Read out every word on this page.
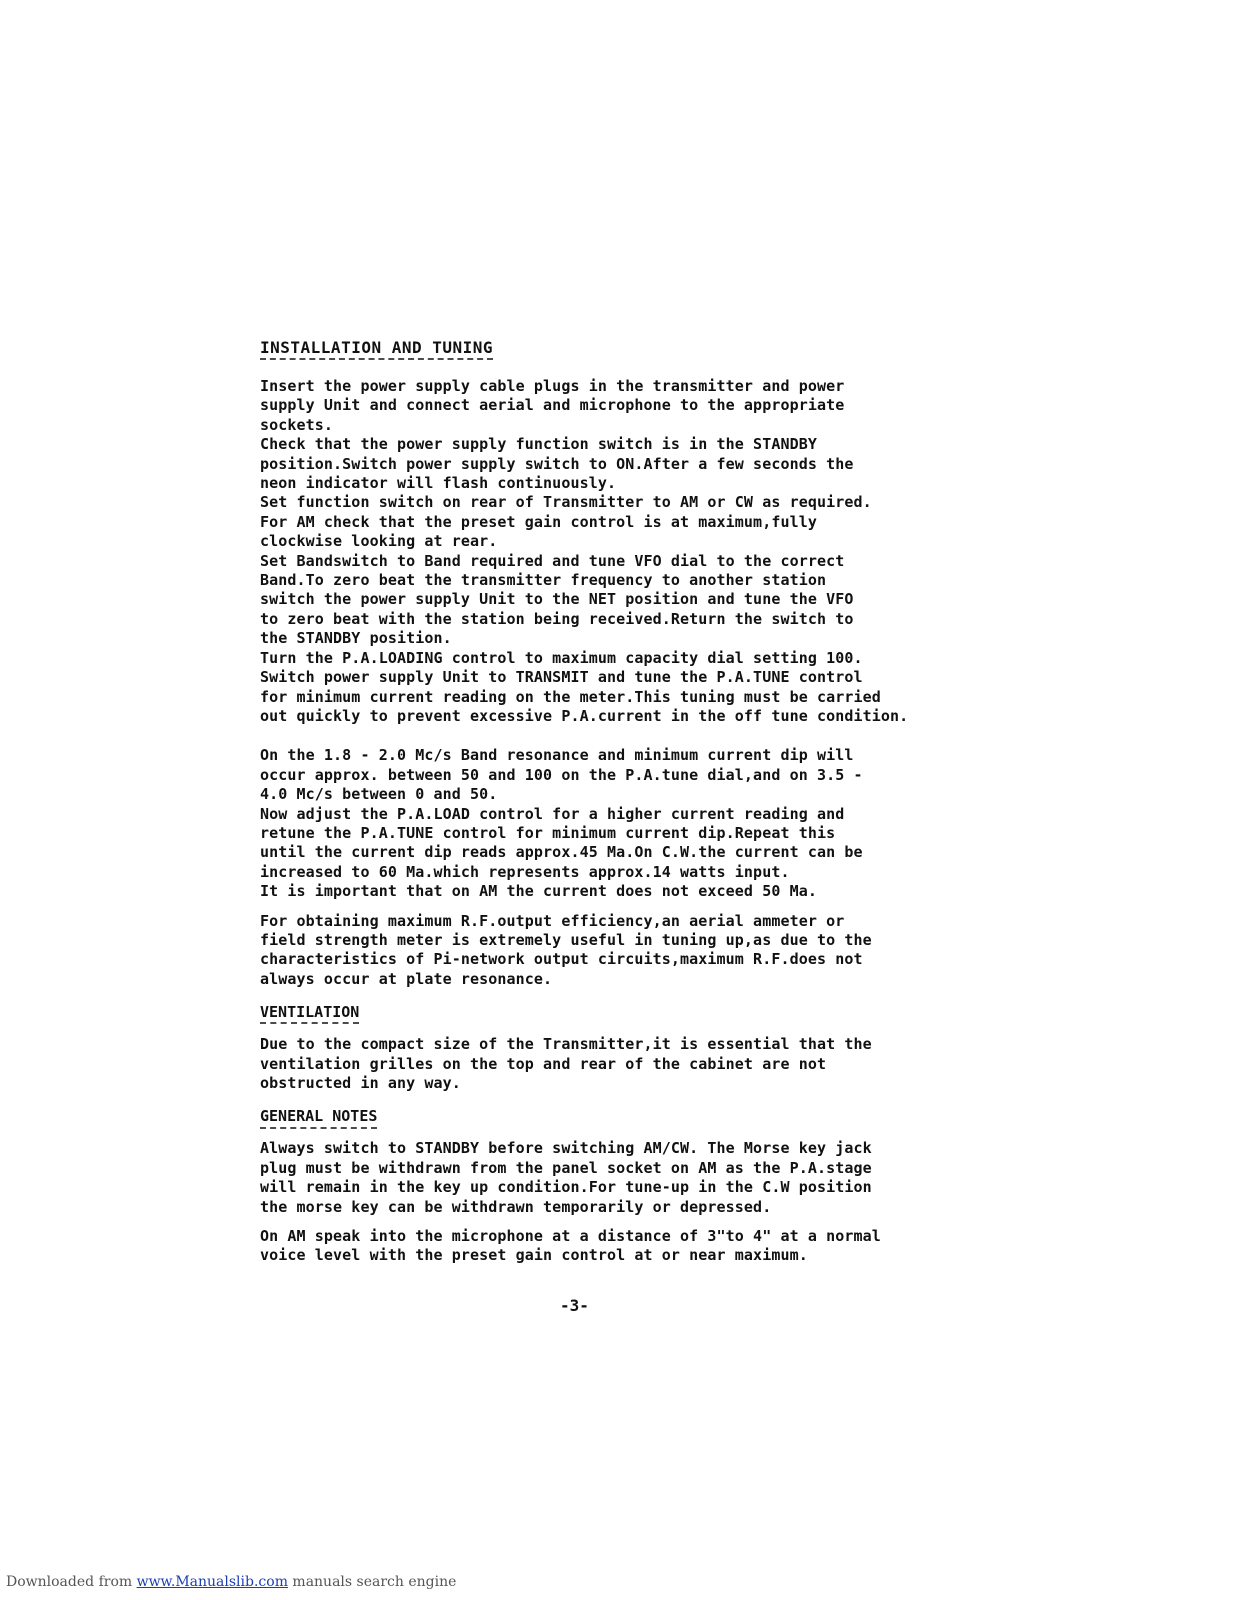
INSTALLATION AND TUNING
Insert the power supply cable plugs in the transmitter and power
supply Unit and connect aerial and microphone to the appropriate
sockets.
Check that the power supply function switch is in the STANDBY
position.Switch power supply switch to ON.After a few seconds the
neon indicator will flash continuously.
Set function switch on rear of Transmitter to AM or CW as required.
For AM check that the preset gain control is at maximum,fully
clockwise looking at rear.
Set Bandswitch to Band required and tune VFO dial to the correct
Band.To zero beat the transmitter frequency to another station
switch the power supply Unit to the NET position and tune the VFO
to zero beat with the station being received.Return the switch to
the STANDBY position.
Turn the P.A.LOADING control to maximum capacity dial setting 100.
Switch power supply Unit to TRANSMIT and tune the P.A.TUNE control
for minimum current reading on the meter.This tuning must be carried
out quickly to prevent excessive P.A.current in the off tune condition.
On the 1.8 - 2.0 Mc/s Band resonance and minimum current dip will
occur approx. between 50 and 100 on the P.A.tune dial,and on 3.5 -
4.0 Mc/s between 0 and 50.
Now adjust the P.A.LOAD control for a higher current reading and
retune the P.A.TUNE control for minimum current dip.Repeat this
until the current dip reads approx.45 Ma.On C.W.the current can be
increased to 60 Ma.which represents approx.14 watts input.
It is important that on AM the current does not exceed 50 Ma.
For obtaining maximum R.F.output efficiency,an aerial ammeter or
field strength meter is extremely useful in tuning up,as due to the
characteristics of Pi-network output circuits,maximum R.F.does not
always occur at plate resonance.
VENTILATION
Due to the compact size of the Transmitter,it is essential that the
ventilation grilles on the top and rear of the cabinet are not
obstructed in any way.
GENERAL NOTES
Always switch to STANDBY before switching AM/CW. The Morse key jack
plug must be withdrawn from the panel socket on AM as the P.A.stage
will remain in the key up condition.For tune-up in the C.W position
the morse key can be withdrawn temporarily or depressed.
On AM speak into the microphone at a distance of 3"to 4" at a normal
voice level with the preset gain control at or near maximum.
-3-
Downloaded from www.Manualslib.com manuals search engine
